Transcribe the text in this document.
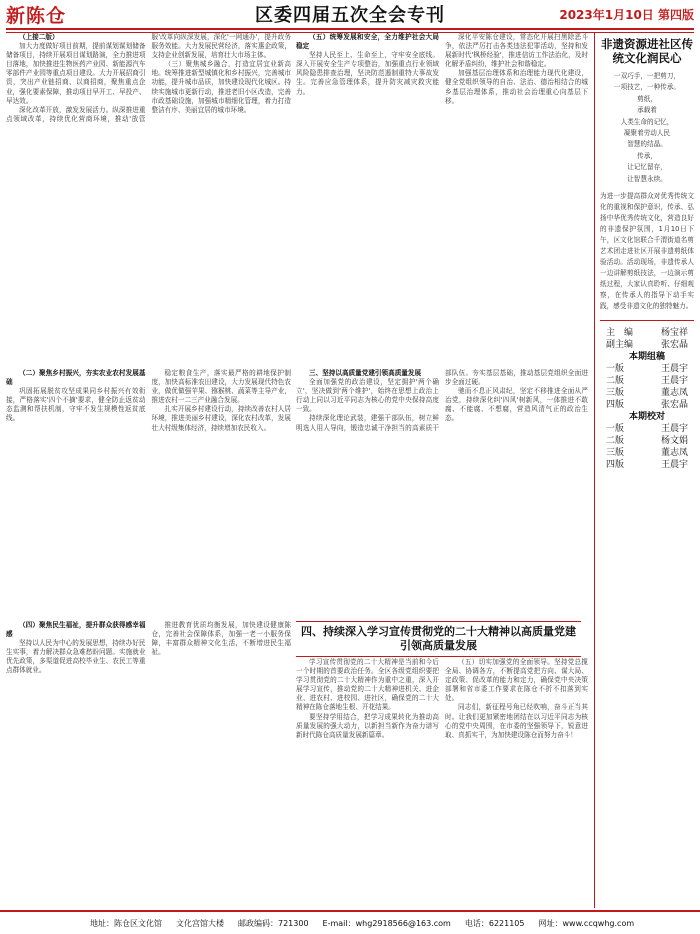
新陈仓	区委四届五次全会专刊	2023年1月10日 第四版

（上接二版）

加大力度做好项目前期，提前谋划谋划储备储备项目，持续开展项目谋划路演，全力推进项目落地，加快推进生物医药产业园、新能源汽车零部件产业园等重点项目建设。大力开展招商引资，突出产业链招商、以商招商，聚焦重点企业，强化要素保障，推动项目早开工、早投产、早达效。

深化改革开放，激发发展活力。纵深推进重点领域改革，持续优化营商环境，推动'放管服'改革向纵深发展，深化'一网通办'，提升政务服务效能。大力发展民营经济，落实惠企政策，支持企业创新发展，培育壮大市场主体。

（三）聚焦城乡融合，打造宜居宜业新高地。统筹推进新型城镇化和乡村振兴，完善城市功能，提升城市品质，加快建设现代化城区。持续实施城市更新行动，推进老旧小区改造，完善市政基础设施，加强城市精细化管理，着力打造整洁有序、美丽宜居的城市环境。

（五）统筹发展和安全，全力维护社会大局稳定

坚持人民至上、生命至上，守牢安全底线。深入开展安全生产专项整治，加强重点行业领域风险隐患排查治理，坚决防范遏制重特大事故发生。完善应急管理体系，提升防灾减灾救灾能力。

深化平安陈仓建设，常态化开展扫黑除恶斗争，依法严厉打击各类违法犯罪活动，坚持和发展新时代'枫桥经验'，推进信访工作法治化，及时化解矛盾纠纷，维护社会和谐稳定。

加强基层治理体系和治理能力现代化建设，健全党组织领导的自治、法治、德治相结合的城乡基层治理体系，推动社会治理重心向基层下移。

（二）聚焦乡村振兴，夯实农业农村发展基础

巩固拓展脱贫攻坚成果同乡村振兴有效衔接，严格落实'四个不摘'要求，健全防止返贫动态监测和帮扶机制，守牢不发生规模性返贫底线。

稳定粮食生产，落实最严格的耕地保护制度，加快高标准农田建设，大力发展现代特色农业，做优做强苹果、猕猴桃、蔬菜等主导产业，推进农村一二三产业融合发展。

扎实开展乡村建设行动，持续改善农村人居环境，推进美丽乡村建设，深化农村改革，发展壮大村级集体经济，持续增加农民收入。

三、坚持以高质量党建引领高质量发展

全面加强党的政治建设，坚定拥护'两个确立'，坚决做到'两个维护'，始终在思想上政治上行动上同以习近平同志为核心的党中央保持高度一致。

持续深化理论武装，建强干部队伍，树立鲜明选人用人导向，锻造忠诚干净担当的高素质干部队伍。夯实基层基础，推动基层党组织全面进步全面过硬。

驰而不息正风肃纪，坚定不移推进全面从严治党，持续深化纠'四风'树新风，一体推进不敢腐、不能腐、不想腐，营造风清气正的政治生态。

（四）聚焦民生福祉，提升群众获得感幸福感

坚持以人民为中心的发展思想，持续办好民生实事，着力解决群众急难愁盼问题。实施就业优先政策，多渠道促进高校毕业生、农民工等重点群体就业。

推进教育优质均衡发展，加快建设健康陈仓，完善社会保障体系，加强一老一小服务保障，丰富群众精神文化生活，不断增进民生福祉。

四、持续深入学习宣传贯彻党的二十大精神以高质量党建引领高质量发展

学习宣传贯彻党的二十大精神是当前和今后一个时期的首要政治任务。全区各级党组织要把学习贯彻党的二十大精神作为重中之重，深入开展学习宣传，推动党的二十大精神进机关、进企业、进农村、进校园、进社区，确保党的二十大精神在陈仓落地生根、开花结果。

要坚持学用结合，把学习成果转化为推动高质量发展的强大动力，以新担当新作为奋力谱写新时代陈仓高质量发展新篇章。

（五）切实加强党的全面领导。坚持党总揽全局、协调各方，不断提高党把方向、谋大局、定政策、促改革的能力和定力，确保党中央决策部署和省市委工作要求在陈仓不折不扣落到实处。

同志们，新征程号角已经吹响，奋斗正当其时。让我们更加紧密地团结在以习近平同志为核心的党中央周围，在市委的坚强领导下，锐意进取、真抓实干，为加快建设陈仓而努力奋斗！

非遗资源进社区传统文化润民心
一双巧手，一把剪刀，
一项技艺，一种传承。
剪纸，
承载着
人类生命的记忆，
凝聚着劳动人民
智慧的结晶。
传承，
让记忆留存，
让智慧永续。
为进一步提高群众对优秀传统文化的重视和保护意识，传承、弘扬中华优秀传统文化，营造良好的非遗保护氛围，1月10日下午，区文化馆联合千渭街道名剪艺术团走进社区开展非遗剪纸体验活动。活动现场，非遗传承人一边讲解剪纸技法，一边演示剪纸过程，大家认真聆听、仔细观察，在传承人的指导下动手实践，感受非遗文化的独特魅力。
主　编	杨宝祥
副主编	张宏晶
本期组稿
一版	王晨宇
二版	王晨宇
三版	董志凤
四版	张宏晶
本期校对
一版	王晨宇
二版	杨文娟
三版	董志凤
四版	王晨宇
地址：陈仓区文化馆 文化宫馆大楼 邮政编码：721300 E-mail：whg2918566@163.com 电话：6221105 网址：www.ccqwhg.com
